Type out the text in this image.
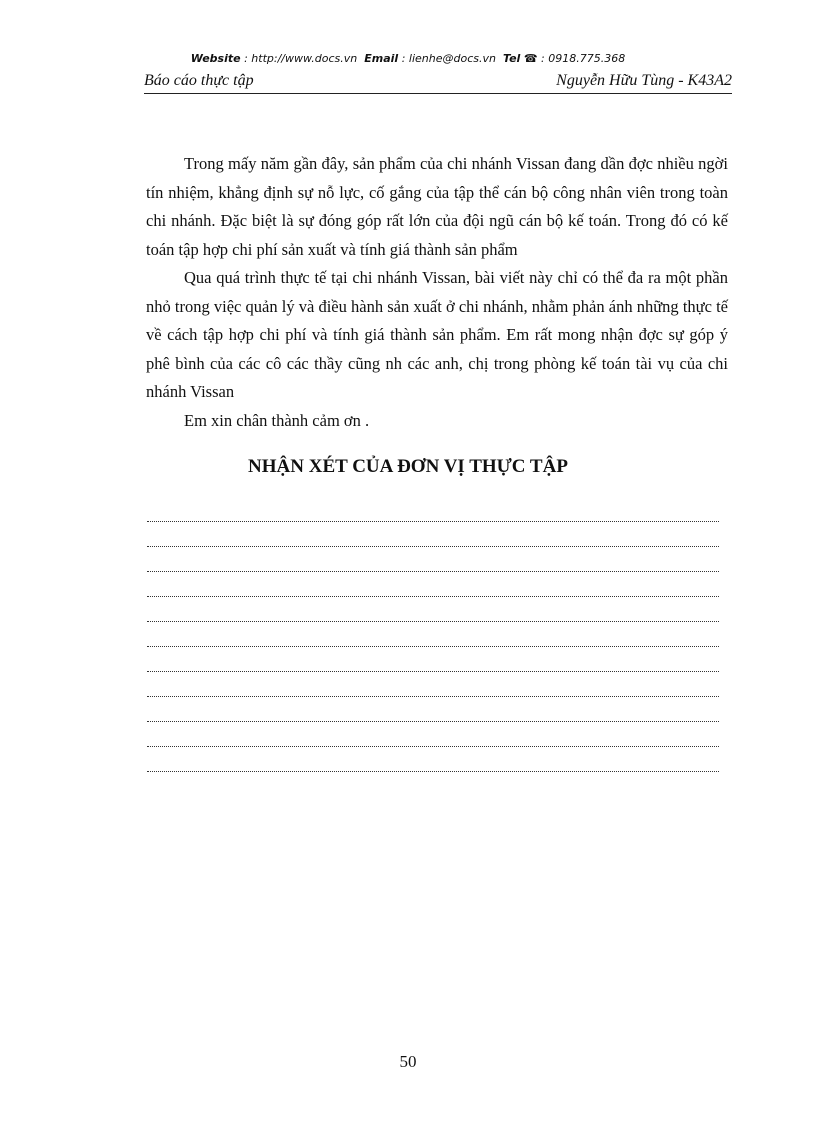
Website : http://www.docs.vn Email : lienhe@docs.vn Tel ☎ : 0918.775.368
Báo cáo thực tập	Nguyễn Hữu Tùng - K43A2

Trong mấy năm gần đây, sản phẩm của chi nhánh Vissan đang dần đợc nhiều ngời tín nhiệm, khẳng định sự nỗ lực, cố gắng của tập thể cán bộ công nhân viên trong toàn chi nhánh. Đặc biệt là sự đóng góp rất lớn của đội ngũ cán bộ kế toán. Trong đó có kế toán tập hợp chi phí sản xuất và tính giá thành sản phẩm

Qua quá trình thực tế tại chi nhánh Vissan, bài viết này chỉ có thể đa ra một phần nhỏ trong việc quản lý và điều hành sản xuất ở chi nhánh, nhằm phản ánh những thực tế về cách tập hợp chi phí và tính giá thành sản phẩm. Em rất mong nhận đợc sự góp ý phê bình của các cô các thầy cũng nh các anh, chị trong phòng kế toán tài vụ của chi nhánh Vissan

Em xin chân thành cảm ơn .

NHẬN XÉT CỦA ĐƠN VỊ THỰC TẬP
50
